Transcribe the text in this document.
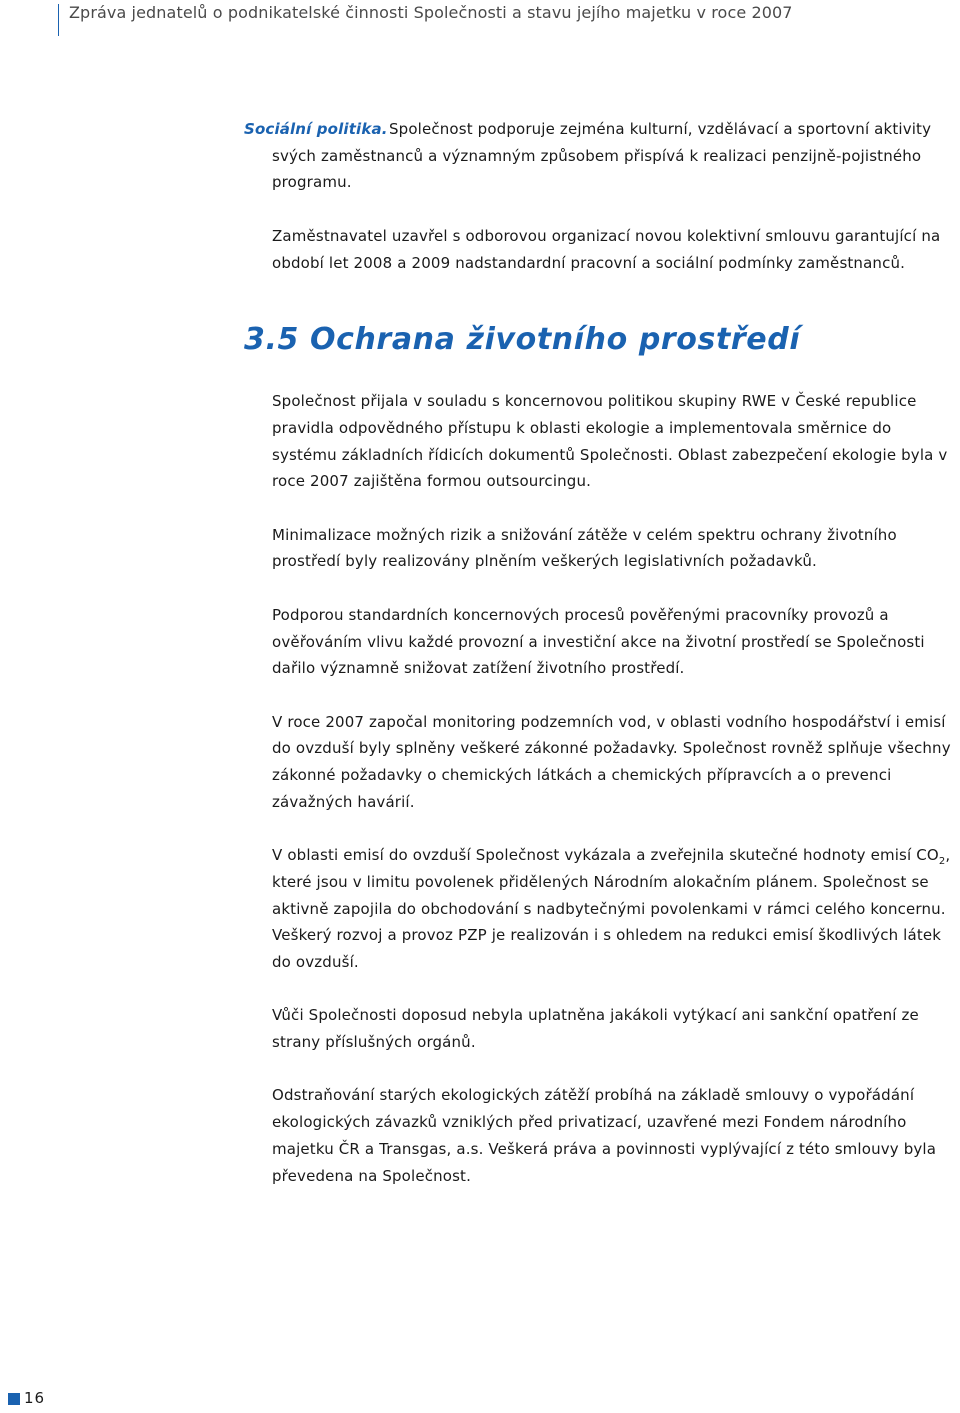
Zpráva jednatelů o podnikatelské činnosti Společnosti a stavu jejího majetku v roce 2007

Sociální politika. Společnost podporuje zejména kulturní, vzdělávací a sportovní aktivity svých zaměstnanců a významným způsobem přispívá k realizaci penzijně-pojistného programu.

Zaměstnavatel uzavřel s odborovou organizací novou kolektivní smlouvu garantující na období let 2008 a 2009 nadstandardní pracovní a sociální podmínky zaměstnanců.

3.5 Ochrana životního prostředí

Společnost přijala v souladu s koncernovou politikou skupiny RWE v České republice pravidla odpovědného přístupu k oblasti ekologie a implementovala směrnice do systému základních řídicích dokumentů Společnosti. Oblast zabezpečení ekologie byla v roce 2007 zajištěna formou outsourcingu.

Minimalizace možných rizik a snižování zátěže v celém spektru ochrany životního prostředí byly realizovány plněním veškerých legislativních požadavků.

Podporou standardních koncernových procesů pověřenými pracovníky provozů a ověřováním vlivu každé provozní a investiční akce na životní prostředí se Společnosti dařilo významně snižovat zatížení životního prostředí.

V roce 2007 započal monitoring podzemních vod, v oblasti vodního hospodářství i emisí do ovzduší byly splněny veškeré zákonné požadavky. Společnost rovněž splňuje všechny zákonné požadavky o chemických látkách a chemických přípravcích a o prevenci závažných havárií.

V oblasti emisí do ovzduší Společnost vykázala a zveřejnila skutečné hodnoty emisí $CO_2$, které jsou v limitu povolenek přidělených Národním alokačním plánem. Společnost se aktivně zapojila do obchodování s nadbytečnými povolenkami v rámci celého koncernu. Veškerý rozvoj a provoz PZP je realizován i s ohledem na redukci emisí škodlivých látek do ovzduší.

Vůči Společnosti doposud nebyla uplatněna jakákoli vytýkací ani sankční opatření ze strany příslušných orgánů.

Odstraňování starých ekologických zátěží probíhá na základě smlouvy o vypořádání ekologických závazků vzniklých před privatizací, uzavřené mezi Fondem národního majetku ČR a Transgas, a.s. Veškerá práva a povinnosti vyplývající z této smlouvy byla převedena na Společnost.

16
